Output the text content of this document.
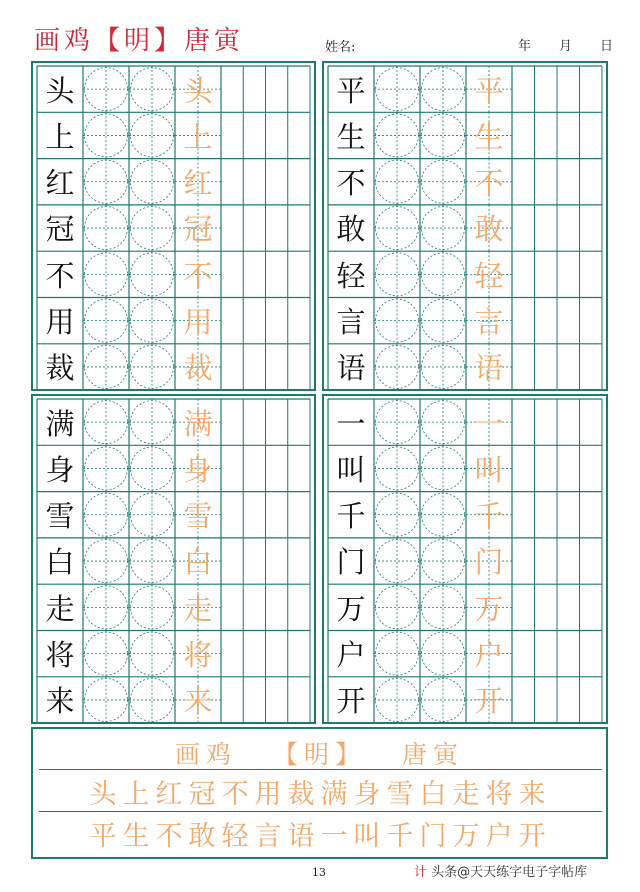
画鸡【明】唐寅	姓名:	年 月 日
头	头
上	上
红	红
冠	冠
不	不
用	用
裁	裁
平	平
生	生
不	不
敢	敢
轻	轻
言	言
语	语
满	满
身	身
雪	雪
白	白
走	走
将	将
来	来
一	一
叫	叫
千	千
门	门
万	万
户	户
开	开
画鸡 【明】 唐寅
头上红冠不用裁满身雪白走将来
平生不敢轻言语一叫千门万户开
13	计 头条@天天练字电子字帖库
